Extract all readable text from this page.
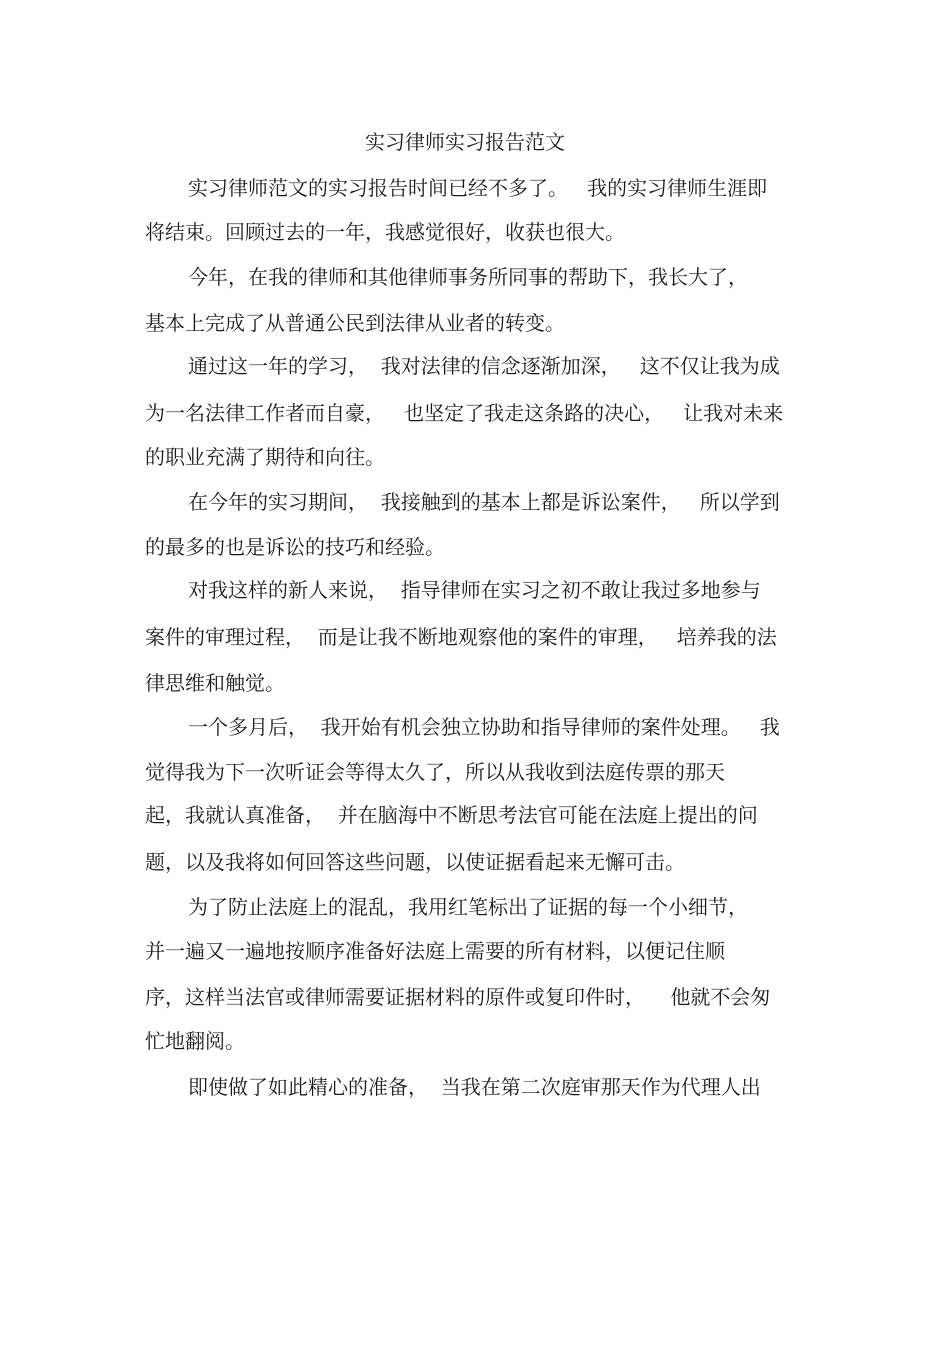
实习律师实习报告范文
实习律师范文的实习报告时间已经不多了。   我的实习律师生涯即
将结束。回顾过去的一年，我感觉很好，收获也很大。
今年，在我的律师和其他律师事务所同事的帮助下，我长大了，
基本上完成了从普通公民到法律从业者的转变。
通过这一年的学习，  我对法律的信念逐渐加深，   这不仅让我为成
为一名法律工作者而自豪，   也坚定了我走这条路的决心，   让我对未来
的职业充满了期待和向往。
在今年的实习期间，  我接触到的基本上都是诉讼案件，   所以学到
的最多的也是诉讼的技巧和经验。
对我这样的新人来说，  指导律师在实习之初不敢让我过多地参与
案件的审理过程，  而是让我不断地观察他的案件的审理，   培养我的法
律思维和触觉。
一个多月后，  我开始有机会独立协助和指导律师的案件处理。   我
觉得我为下一次听证会等得太久了，所以从我收到法庭传票的那天
起，我就认真准备，  并在脑海中不断思考法官可能在法庭上提出的问
题，以及我将如何回答这些问题，以使证据看起来无懈可击。
为了防止法庭上的混乱，我用红笔标出了证据的每一个小细节，
并一遍又一遍地按顺序准备好法庭上需要的所有材料，以便记住顺
序，这样当法官或律师需要证据材料的原件或复印件时，    他就不会匆
忙地翻阅。
即使做了如此精心的准备，  当我在第二次庭审那天作为代理人出
